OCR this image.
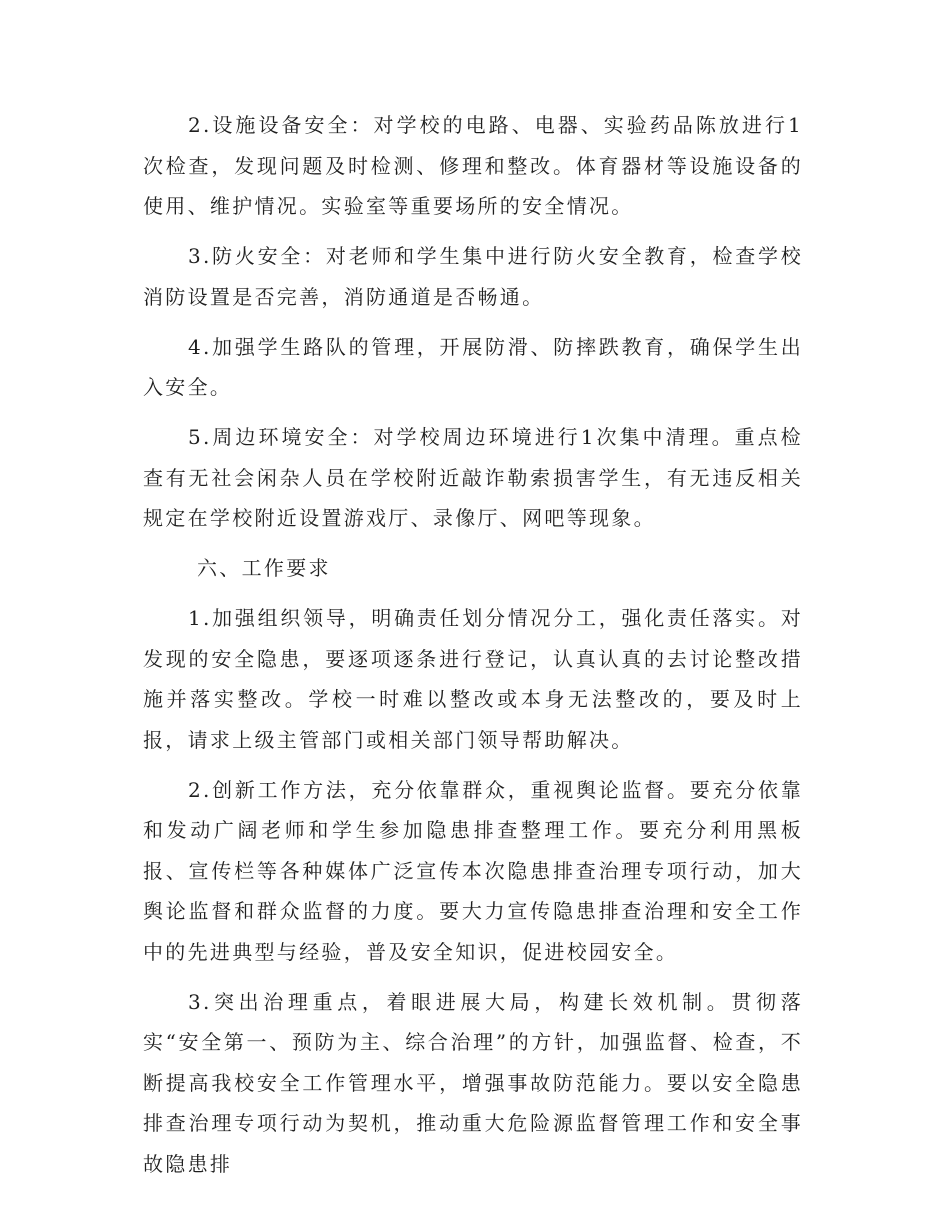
2.设施设备安全：对学校的电路、电器、实验药品陈放进行1次检查，发现问题及时检测、修理和整改。体育器材等设施设备的使用、维护情况。实验室等重要场所的安全情况。

3.防火安全：对老师和学生集中进行防火安全教育，检查学校消防设置是否完善，消防通道是否畅通。

4.加强学生路队的管理，开展防滑、防摔跌教育，确保学生出入安全。

5.周边环境安全：对学校周边环境进行1次集中清理。重点检查有无社会闲杂人员在学校附近敲诈勒索损害学生，有无违反相关规定在学校附近设置游戏厅、录像厅、网吧等现象。

六、工作要求

1.加强组织领导，明确责任划分情况分工，强化责任落实。对发现的安全隐患，要逐项逐条进行登记，认真认真的去讨论整改措施并落实整改。学校一时难以整改或本身无法整改的，要及时上报，请求上级主管部门或相关部门领导帮助解决。

2.创新工作方法，充分依靠群众，重视舆论监督。要充分依靠和发动广阔老师和学生参加隐患排查整理工作。要充分利用黑板报、宣传栏等各种媒体广泛宣传本次隐患排查治理专项行动，加大舆论监督和群众监督的力度。要大力宣传隐患排查治理和安全工作中的先进典型与经验，普及安全知识，促进校园安全。

3.突出治理重点，着眼进展大局，构建长效机制。贯彻落实“安全第一、预防为主、综合治理”的方针，加强监督、检查，不断提高我校安全工作管理水平，增强事故防范能力。要以安全隐患排查治理专项行动为契机，推动重大危险源监督管理工作和安全事故隐患排
